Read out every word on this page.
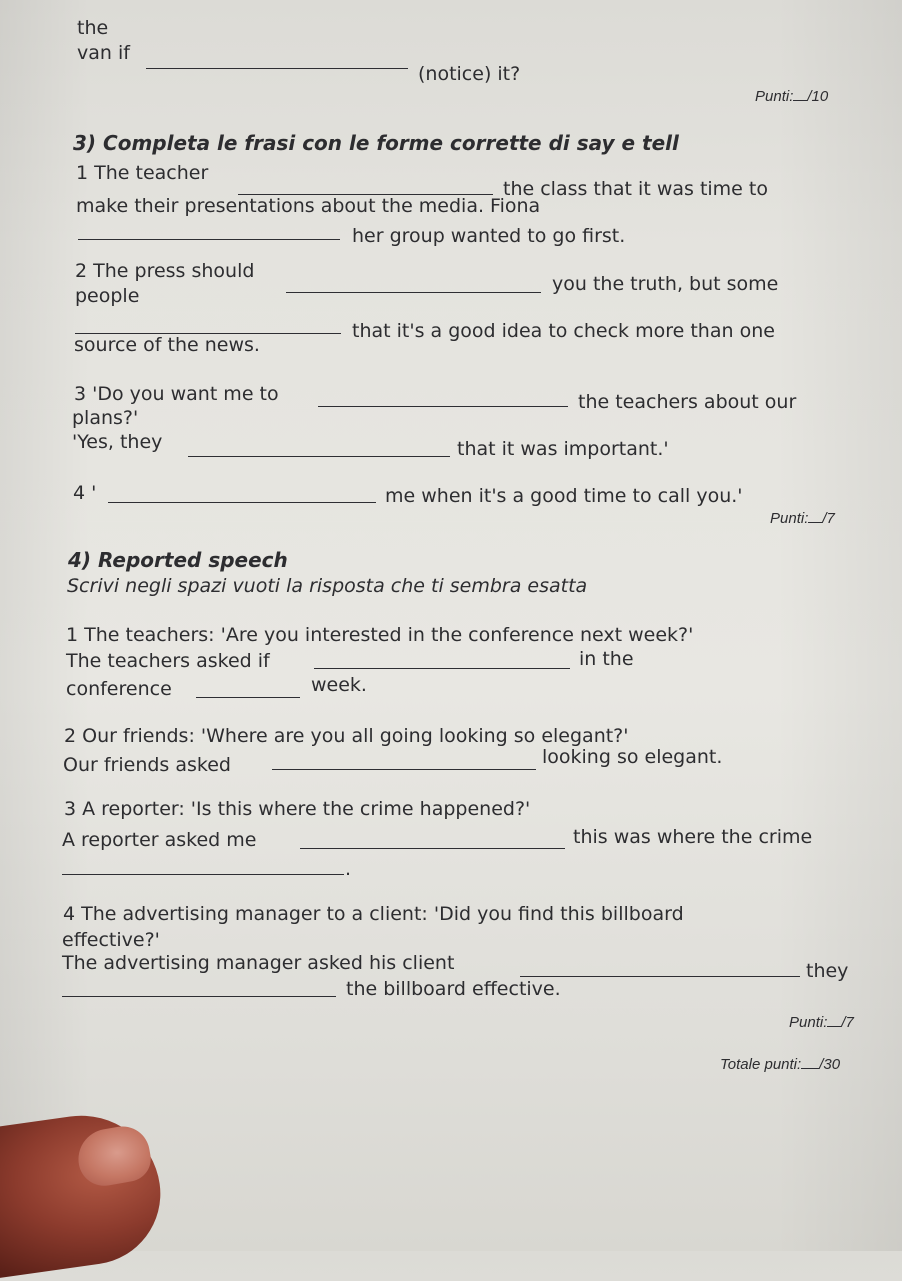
the
van if
(notice) it?
Punti: /10
3) Completa le frasi con le forme corrette di say e tell
1 The teacher
the class that it was time to
make their presentations about the media. Fiona
her group wanted to go first.
2 The press should
people
you the truth, but some
that it's a good idea to check more than one
source of the news.
3 'Do you want me to	the teachers about our
plans?'
'Yes, they	that it was important.'
4 '	me when it's a good time to call you.'
Punti: /7
4) Reported speech
Scrivi negli spazi vuoti la risposta che ti sembra esatta
1 The teachers: 'Are you interested in the conference next week?'
The teachers asked if	in the
conference	week.
2 Our friends: 'Where are you all going looking so elegant?'
Our friends asked	looking so elegant.
3 A reporter: 'Is this where the crime happened?'
A reporter asked me	this was where the crime
.
4 The advertising manager to a client: 'Did you find this billboard
effective?'
The advertising manager asked his client	they
the billboard effective.
Punti: /7
Totale punti: /30
